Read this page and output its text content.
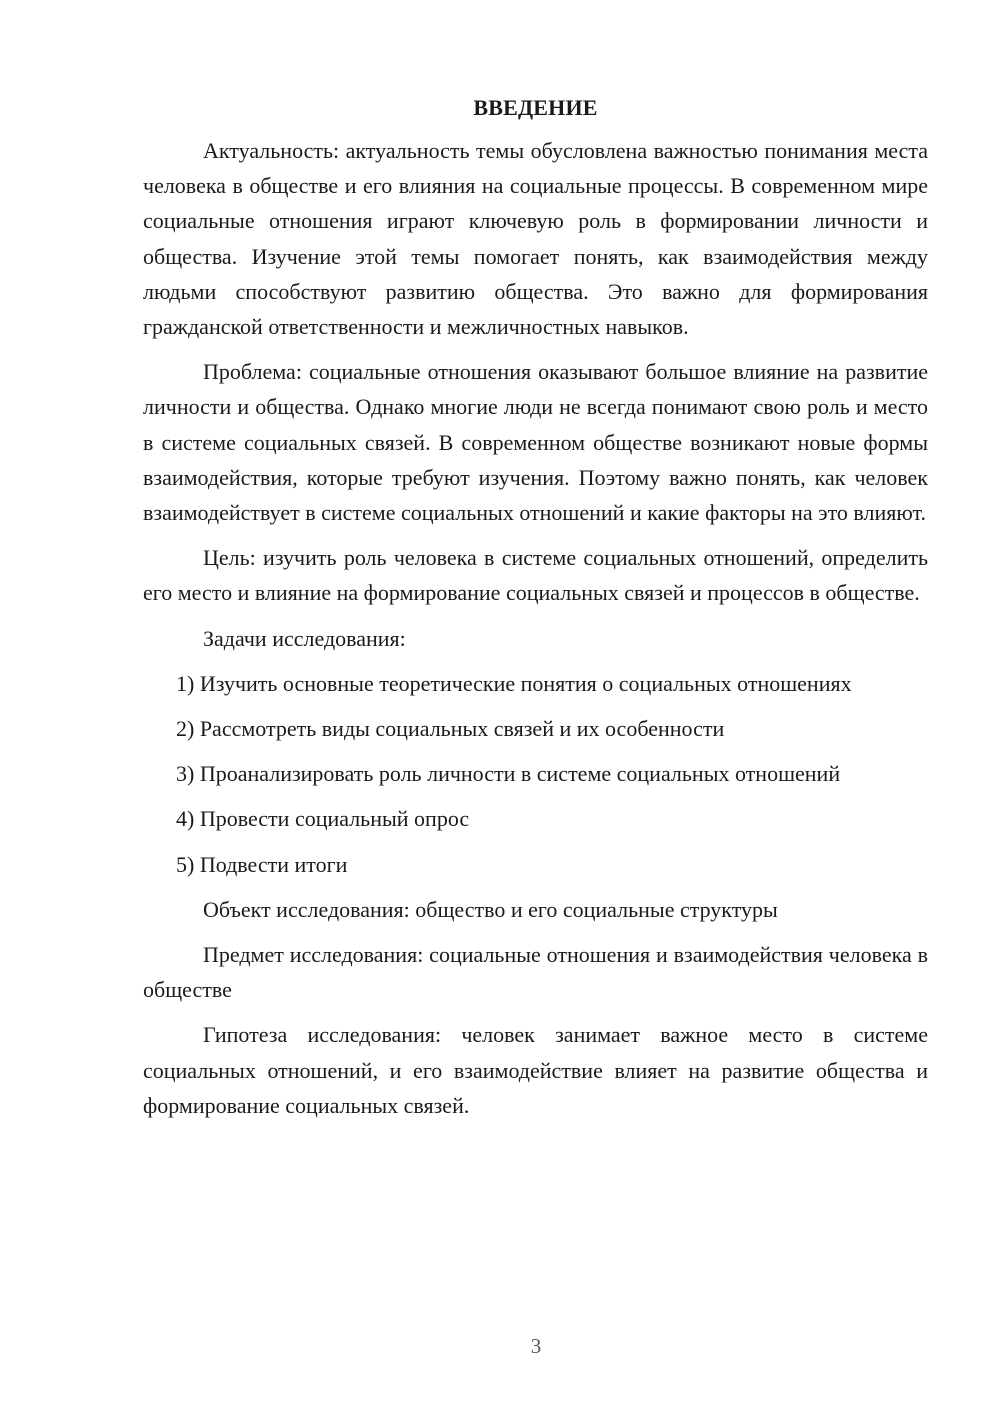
ВВЕДЕНИЕ

Актуальность: актуальность темы обусловлена важностью понимания места человека в обществе и его влияния на социальные процессы. В современном мире социальные отношения играют ключевую роль в формировании личности и общества. Изучение этой темы помогает понять, как взаимодействия между людьми способствуют развитию общества. Это важно для формирования гражданской ответственности и межличностных навыков.

Проблема: социальные отношения оказывают большое влияние на развитие личности и общества. Однако многие люди не всегда понимают свою роль и место в системе социальных связей. В современном обществе возникают новые формы взаимодействия, которые требуют изучения. Поэтому важно понять, как человек взаимодействует в системе социальных отношений и какие факторы на это влияют.

Цель: изучить роль человека в системе социальных отношений, определить его место и влияние на формирование социальных связей и процессов в обществе.

Задачи исследования:

1) Изучить основные теоретические понятия о социальных отношениях

2) Рассмотреть виды социальных связей и их особенности

3) Проанализировать роль личности в системе социальных отношений

4) Провести социальный опрос

5) Подвести итоги

Объект исследования: общество и его социальные структуры

Предмет исследования: социальные отношения и взаимодействия человека в обществе

Гипотеза исследования: человек занимает важное место в системе социальных отношений, и его взаимодействие влияет на развитие общества и формирование социальных связей.

3
